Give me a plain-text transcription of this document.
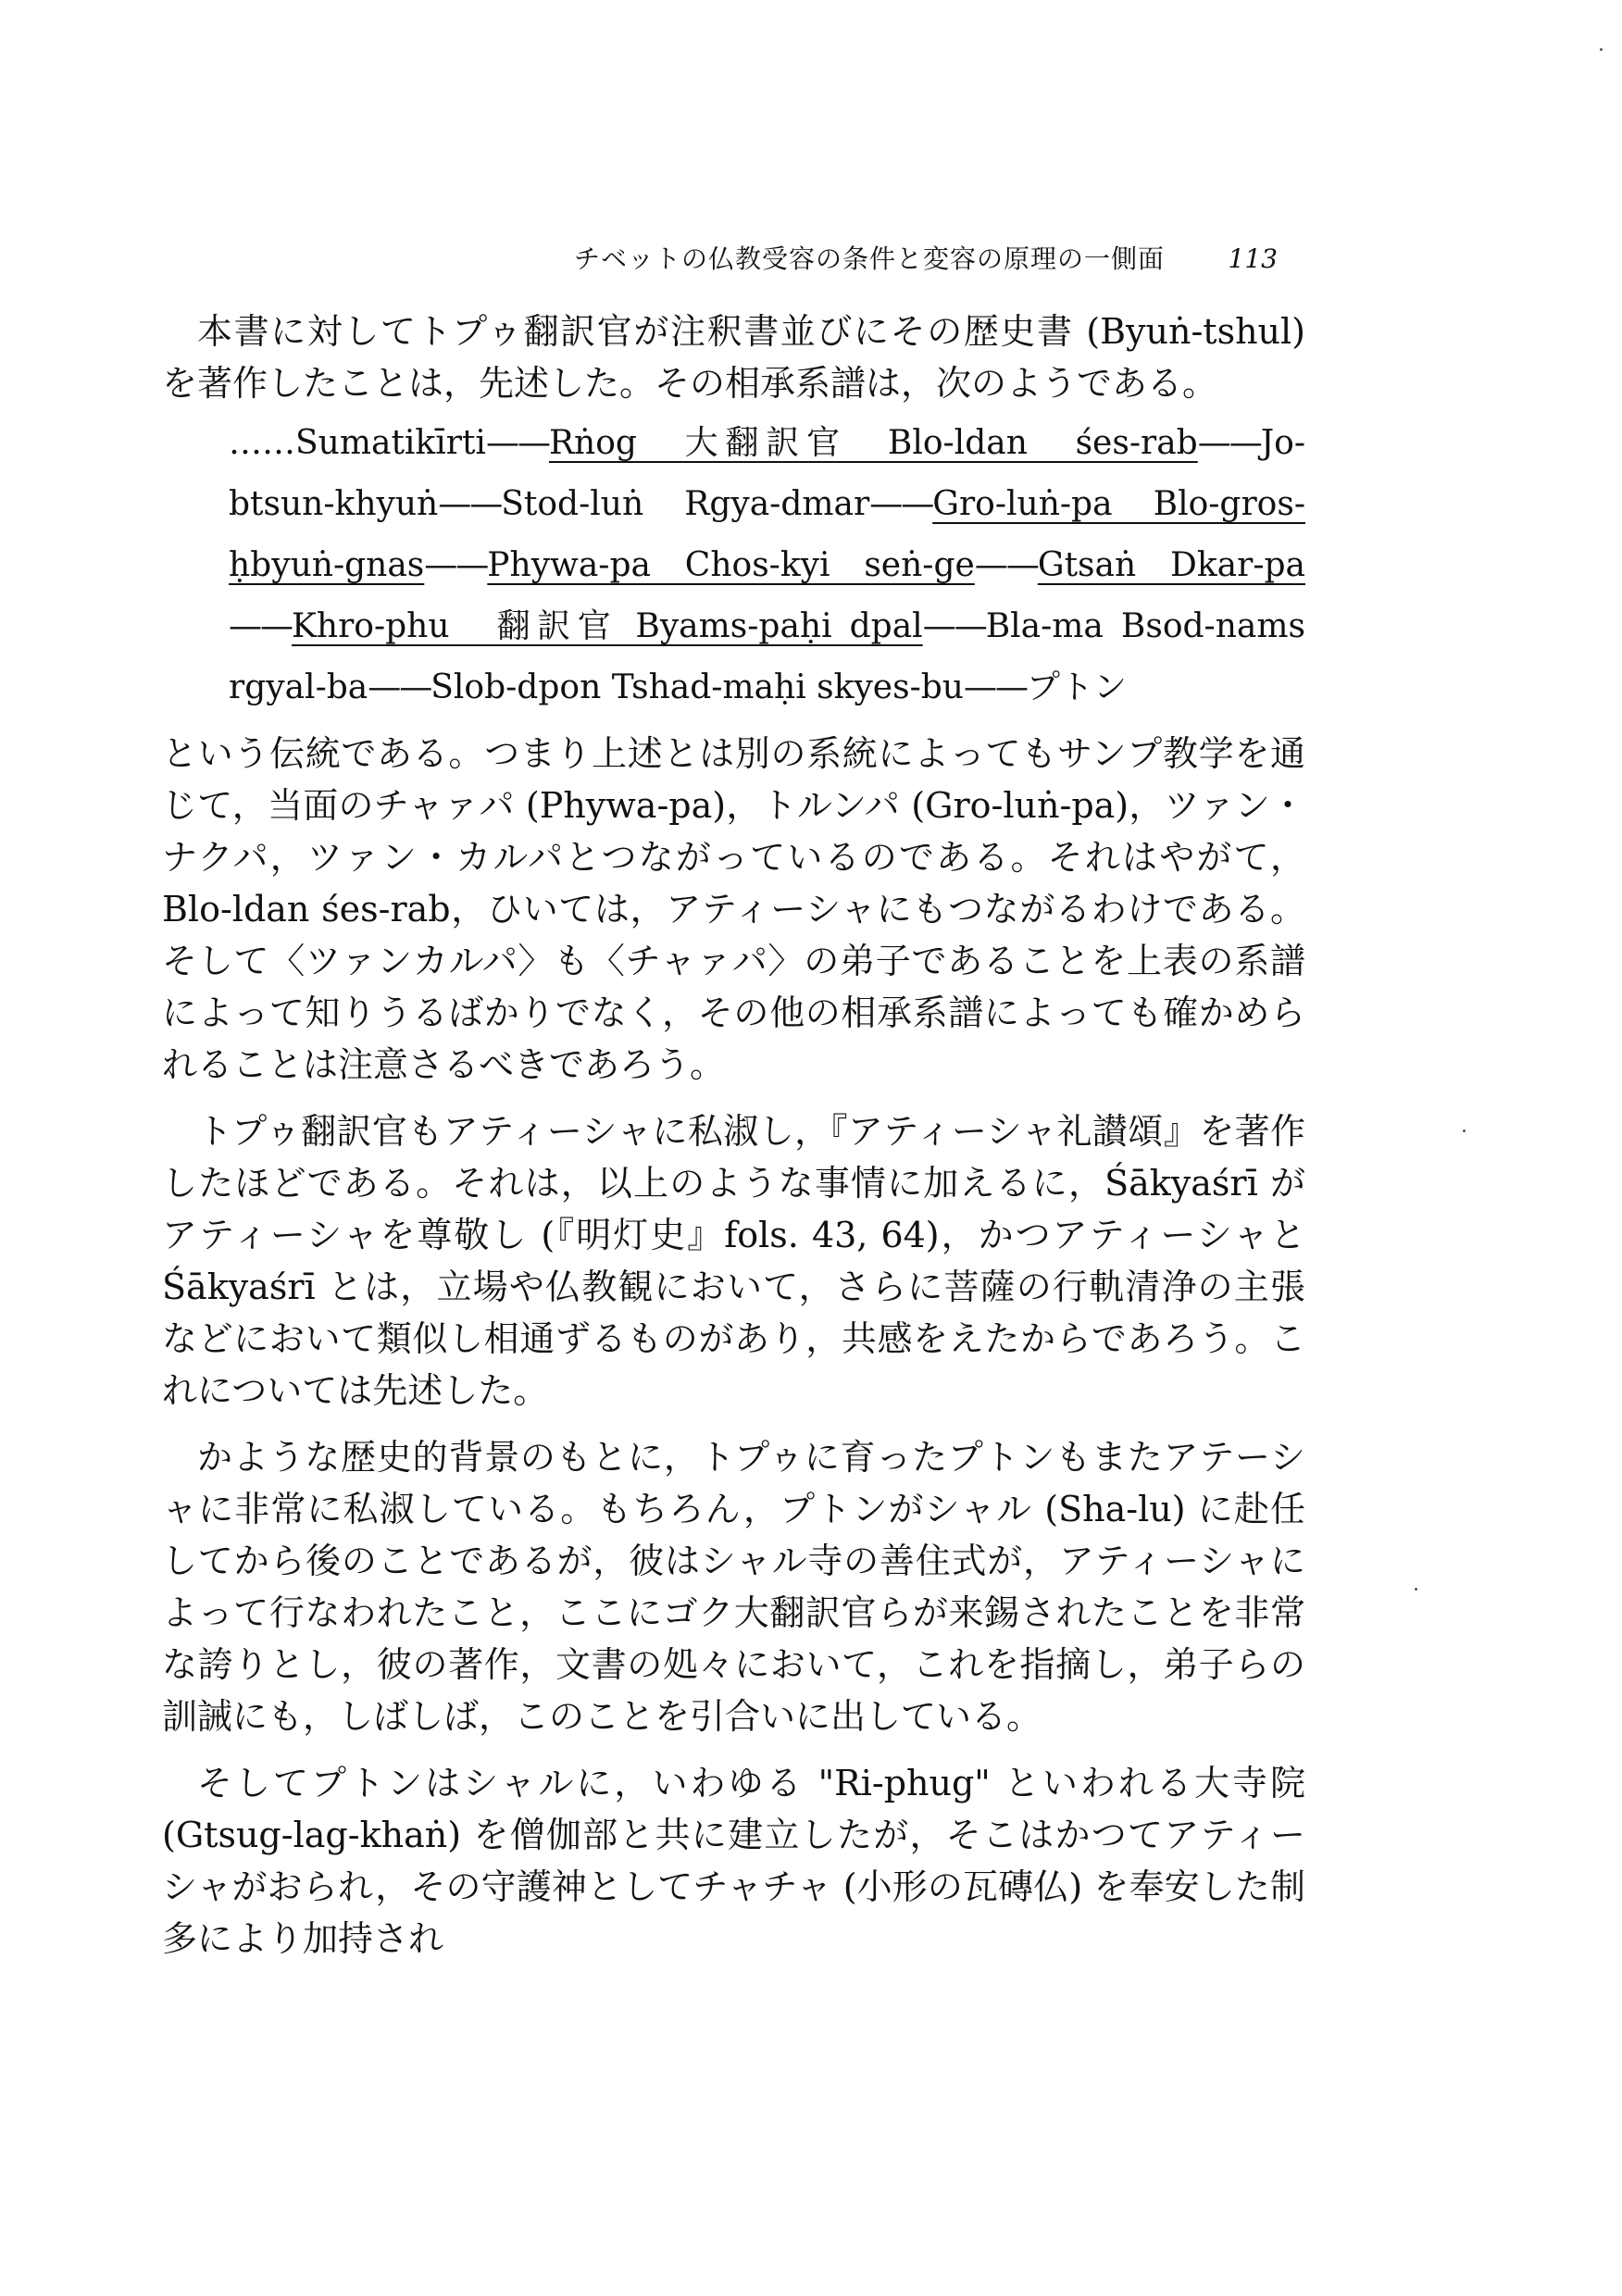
チベットの仏教受容の条件と変容の原理の一側面 113

本書に対してトプゥ翻訳官が注釈書並びにその歴史書 (Byuṅ-tshul) を著作したことは，先述した。その相承系譜は，次のようである。

……Sumatikīrti——Rṅog　大翻訳官　Blo-ldan　śes-rab——Jo-btsun-khyuṅ——Stod-luṅ Rgya-dmar——Gro-luṅ-pa Blo-gros-ḥbyuṅ-gnas——Phywa-pa　Chos-kyi　seṅ-ge——Gtsaṅ　Dkar-pa——Khro-phu　翻訳官 Byams-paḥi dpal——Bla-ma Bsod-nams rgyal-ba——Slob-dpon Tshad-maḥi skyes-bu——プトン

という伝統である。つまり上述とは別の系統によってもサンプ教学を通じて，当面のチャァパ (Phywa-pa)，トルンパ (Gro-luṅ-pa)，ツァン・ナクパ，ツァン・カルパとつながっているのである。それはやがて，Blo-ldan śes-rab，ひいては，アティーシャにもつながるわけである。そして〈ツァンカルパ〉も〈チャァパ〉の弟子であることを上表の系譜によって知りうるばかりでなく，その他の相承系譜によっても確かめられることは注意さるべきであろう。

トプゥ翻訳官もアティーシャに私淑し，『アティーシャ礼讃頌』を著作したほどである。それは，以上のような事情に加えるに，Śākyaśrī がアティーシャを尊敬し (『明灯史』fols. 43, 64)，かつアティーシャと Śākyaśrī とは，立場や仏教観において，さらに菩薩の行軌清浄の主張などにおいて類似し相通ずるものがあり，共感をえたからであろう。これについては先述した。

かような歴史的背景のもとに，トプゥに育ったプトンもまたアテーシャに非常に私淑している。もちろん，プトンがシャル (Sha-lu) に赴任してから後のことであるが，彼はシャル寺の善住式が，アティーシャによって行なわれたこと，ここにゴク大翻訳官らが来錫されたことを非常な誇りとし，彼の著作，文書の処々において，これを指摘し，弟子らの訓誡にも，しばしば，このことを引合いに出している。

そしてプトンはシャルに，いわゆる "Ri-phug" といわれる大寺院 (Gtsug-lag-khaṅ) を僧伽部と共に建立したが，そこはかつてアティーシャがおられ，その守護神としてチャチャ (小形の瓦磚仏) を奉安した制多により加持され
